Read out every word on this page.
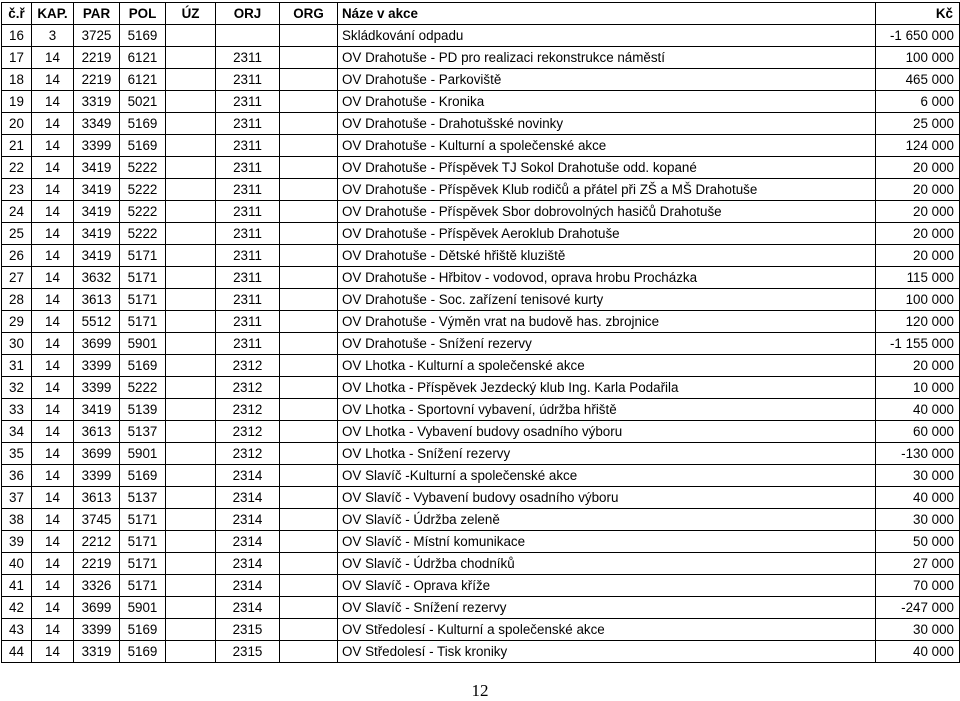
č.ř	KAP.	PAR	POL	ÚZ	ORJ	ORG	Náze v akce	Kč
16	3	3725	5169				Skládkování odpadu	-1 650 000
17	14	2219	6121		2311		OV Drahotuše - PD pro realizaci rekonstrukce náměstí	100 000
18	14	2219	6121		2311		OV Drahotuše - Parkoviště	465 000
19	14	3319	5021		2311		OV Drahotuše - Kronika	6 000
20	14	3349	5169		2311		OV Drahotuše - Drahotušské novinky	25 000
21	14	3399	5169		2311		OV Drahotuše - Kulturní a společenské akce	124 000
22	14	3419	5222		2311		OV Drahotuše - Příspěvek TJ Sokol Drahotuše odd. kopané	20 000
23	14	3419	5222		2311		OV Drahotuše - Příspěvek Klub rodičů a přátel při ZŠ a MŠ Drahotuše	20 000
24	14	3419	5222		2311		OV Drahotuše - Příspěvek Sbor dobrovolných hasičů Drahotuše	20 000
25	14	3419	5222		2311		OV Drahotuše - Příspěvek Aeroklub Drahotuše	20 000
26	14	3419	5171		2311		OV Drahotuše - Dětské hřiště kluziště	20 000
27	14	3632	5171		2311		OV Drahotuše - Hřbitov - vodovod, oprava hrobu Procházka	115 000
28	14	3613	5171		2311		OV Drahotuše - Soc. zařízení tenisové kurty	100 000
29	14	5512	5171		2311		OV Drahotuše - Výměn vrat na budově has. zbrojnice	120 000
30	14	3699	5901		2311		OV Drahotuše - Snížení rezervy	-1 155 000
31	14	3399	5169		2312		OV Lhotka - Kulturní a společenské akce	20 000
32	14	3399	5222		2312		OV Lhotka - Příspěvek Jezdecký klub Ing. Karla Podařila	10 000
33	14	3419	5139		2312		OV Lhotka - Sportovní vybavení, údržba hřiště	40 000
34	14	3613	5137		2312		OV Lhotka - Vybavení budovy osadního výboru	60 000
35	14	3699	5901		2312		OV Lhotka - Snížení rezervy	-130 000
36	14	3399	5169		2314		OV Slavíč -Kulturní a společenské akce	30 000
37	14	3613	5137		2314		OV Slavíč - Vybavení budovy osadního výboru	40 000
38	14	3745	5171		2314		OV Slavíč - Údržba zeleně	30 000
39	14	2212	5171		2314		OV Slavíč - Místní komunikace	50 000
40	14	2219	5171		2314		OV Slavíč - Údržba chodníků	27 000
41	14	3326	5171		2314		OV Slavíč - Oprava kříže	70 000
42	14	3699	5901		2314		OV Slavíč - Snížení rezervy	-247 000
43	14	3399	5169		2315		OV Středolesí - Kulturní a společenské akce	30 000
44	14	3319	5169		2315		OV Středolesí - Tisk kroniky	40 000
12
